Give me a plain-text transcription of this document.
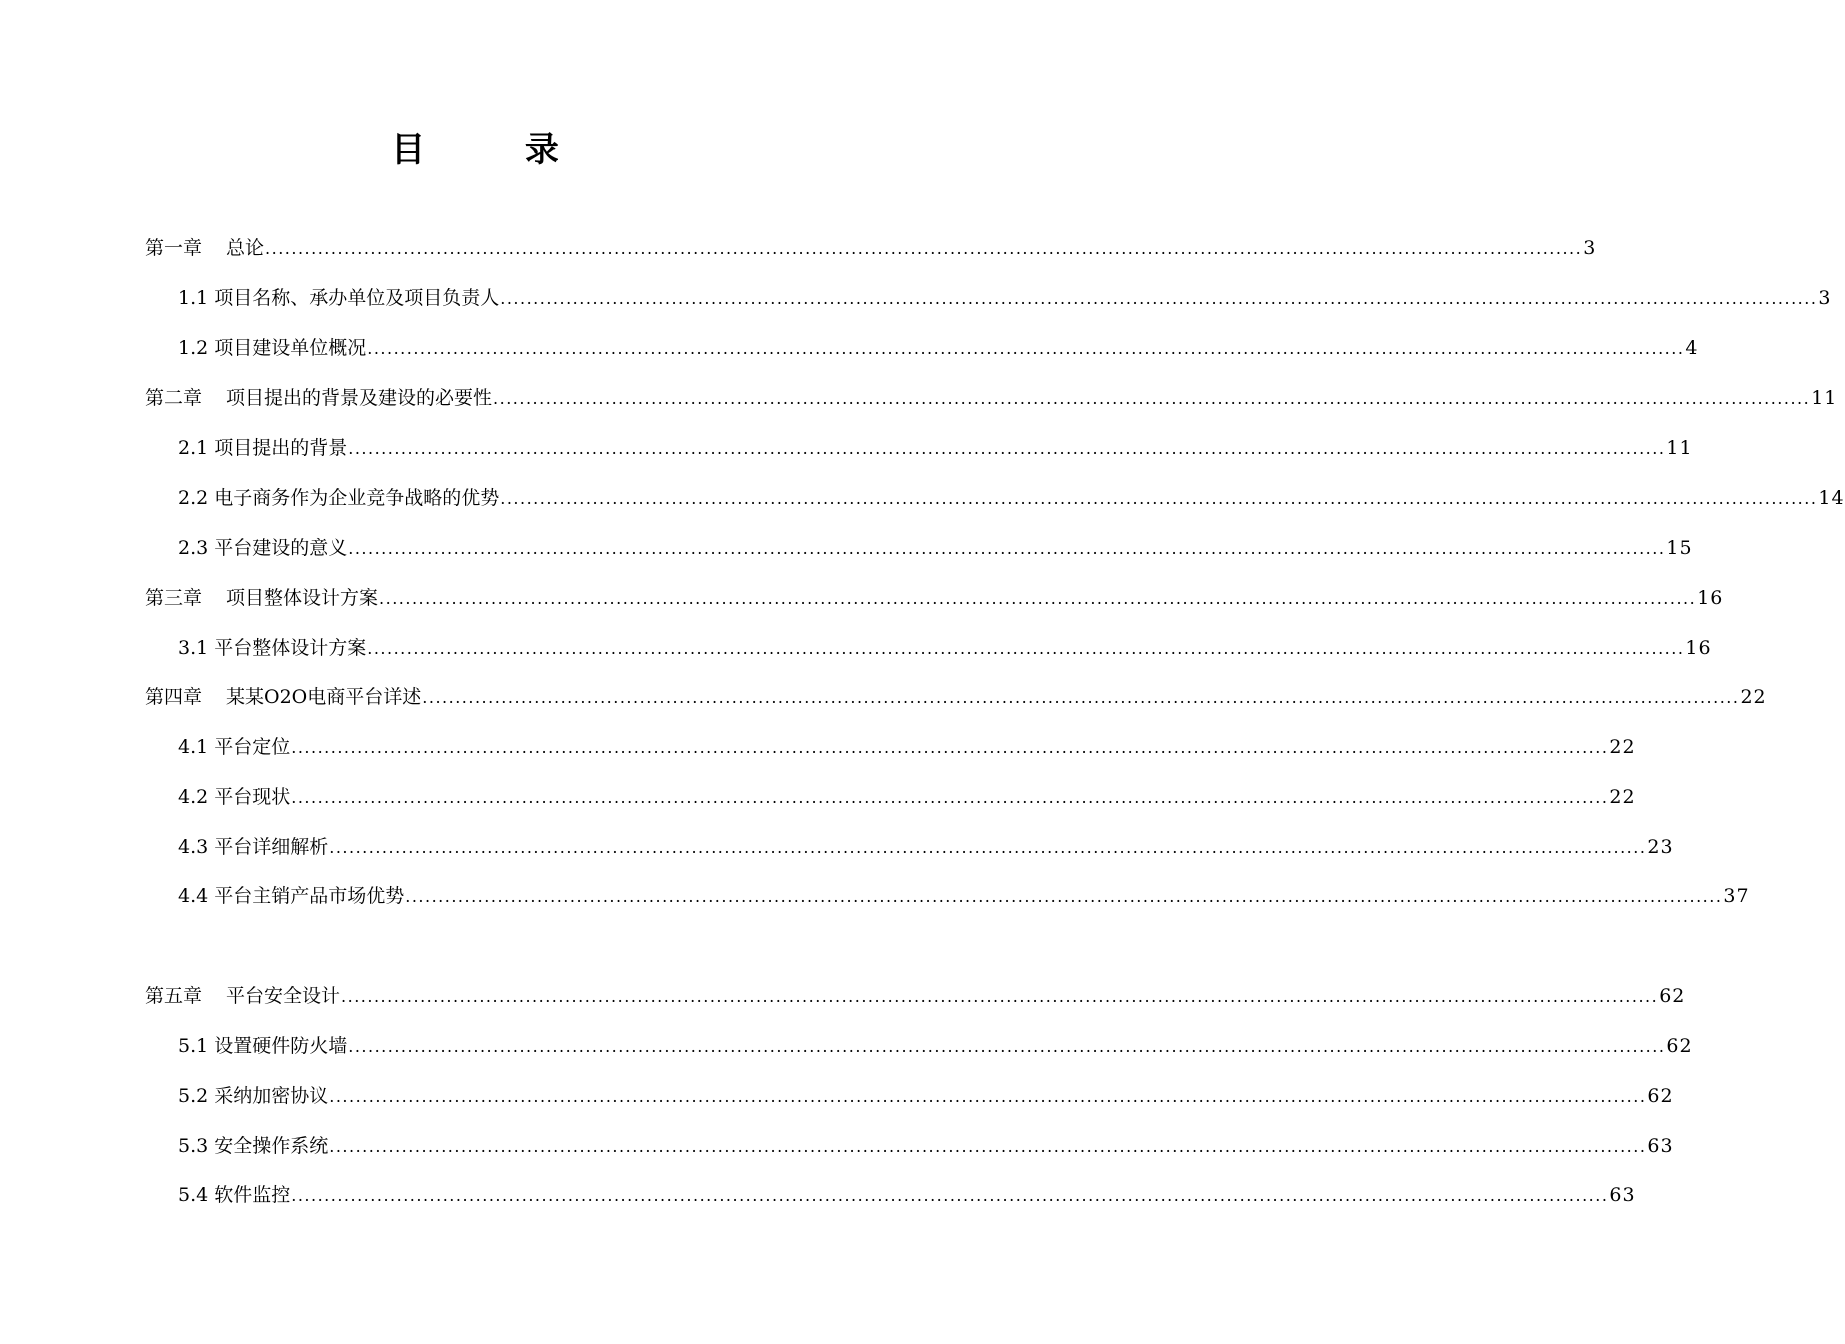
目 录
第一章 总论 ........................................................................................................................................................................................................ 3
1.1 项目名称、承办单位及项目负责人 ........................................................................................................................................................................................................ 3
1.2 项目建设单位概况 ........................................................................................................................................................................................................ 4
第二章 项目提出的背景及建设的必要性 ........................................................................................................................................................................................................ 11
2.1 项目提出的背景 ........................................................................................................................................................................................................ 11
2.2 电子商务作为企业竞争战略的优势 ........................................................................................................................................................................................................ 14
2.3 平台建设的意义 ........................................................................................................................................................................................................ 15
第三章 项目整体设计方案 ........................................................................................................................................................................................................ 16
3.1 平台整体设计方案 ........................................................................................................................................................................................................ 16
第四章 某某O2O电商平台详述 ........................................................................................................................................................................................................ 22
4.1 平台定位 ........................................................................................................................................................................................................ 22
4.2 平台现状 ........................................................................................................................................................................................................ 22
4.3 平台详细解析 ........................................................................................................................................................................................................ 23
4.4 平台主销产品市场优势 ........................................................................................................................................................................................................ 37
第五章 平台安全设计 ........................................................................................................................................................................................................ 62
5.1 设置硬件防火墙 ........................................................................................................................................................................................................ 62
5.2 采纳加密协议 ........................................................................................................................................................................................................ 62
5.3 安全操作系统 ........................................................................................................................................................................................................ 63
5.4 软件监控 ........................................................................................................................................................................................................ 63
